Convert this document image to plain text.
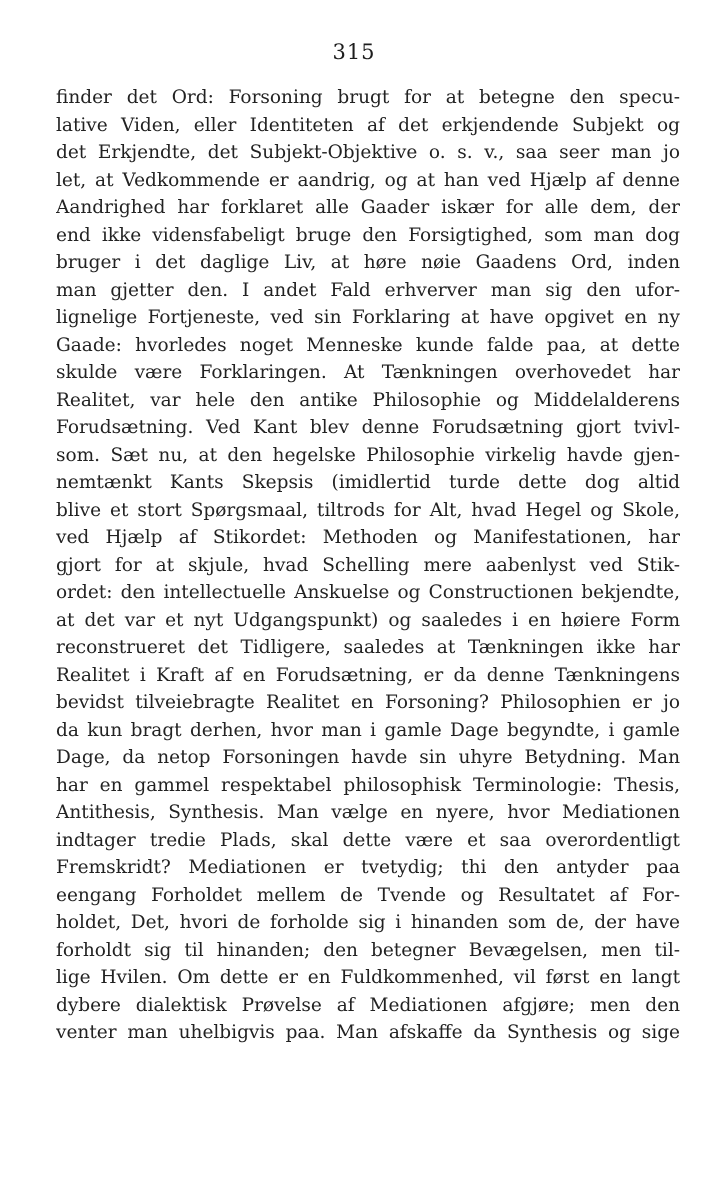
315
finder det Ord: Forsoning brugt for at betegne den specu-
lative Viden, eller Identiteten af det erkjendende Subjekt og
det Erkjendte, det Subjekt-Objektive o. s. v., saa seer man jo
let, at Vedkommende er aandrig, og at han ved Hjælp af denne
Aandrighed har forklaret alle Gaader iskær for alle dem, der
end ikke vidensfabeligt bruge den Forsigtighed, som man dog
bruger i det daglige Liv, at høre nøie Gaadens Ord, inden
man gjetter den. I andet Fald erhverver man sig den ufor-
lignelige Fortjeneste, ved sin Forklaring at have opgivet en ny
Gaade: hvorledes noget Menneske kunde falde paa, at dette
skulde være Forklaringen. At Tænkningen overhovedet har
Realitet, var hele den antike Philosophie og Middelalderens
Forudsætning. Ved Kant blev denne Forudsætning gjort tvivl-
som. Sæt nu, at den hegelske Philosophie virkelig havde gjen-
nemtænkt Kants Skepsis (imidlertid turde dette dog altid
blive et stort Spørgsmaal, tiltrods for Alt, hvad Hegel og Skole,
ved Hjælp af Stikordet: Methoden og Manifestationen, har
gjort for at skjule, hvad Schelling mere aabenlyst ved Stik-
ordet: den intellectuelle Anskuelse og Constructionen bekjendte,
at det var et nyt Udgangspunkt) og saaledes i en høiere Form
reconstrueret det Tidligere, saaledes at Tænkningen ikke har
Realitet i Kraft af en Forudsætning, er da denne Tænkningens
bevidst tilveiebragte Realitet en Forsoning? Philosophien er jo
da kun bragt derhen, hvor man i gamle Dage begyndte, i gamle
Dage, da netop Forsoningen havde sin uhyre Betydning. Man
har en gammel respektabel philosophisk Terminologie: Thesis,
Antithesis, Synthesis. Man vælge en nyere, hvor Mediationen
indtager tredie Plads, skal dette være et saa overordentligt
Fremskridt? Mediationen er tvetydig; thi den antyder paa
eengang Forholdet mellem de Tvende og Resultatet af For-
holdet, Det, hvori de forholde sig i hinanden som de, der have
forholdt sig til hinanden; den betegner Bevægelsen, men til-
lige Hvilen. Om dette er en Fuldkommenhed, vil først en langt
dybere dialektisk Prøvelse af Mediationen afgjøre; men den
venter man uhelbigvis paa. Man afskaffe da Synthesis og sige
